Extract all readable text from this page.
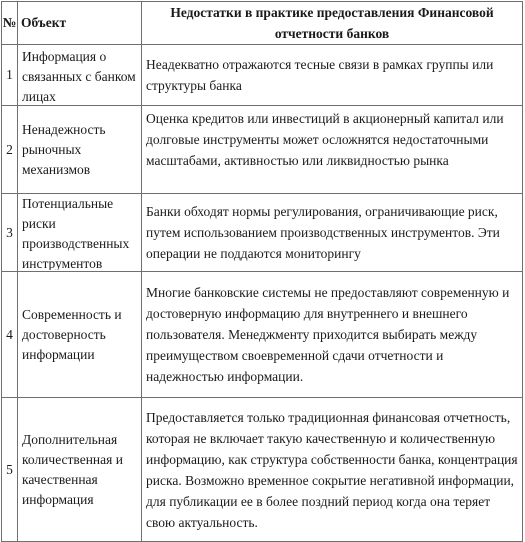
№	Объект	Недостатки в практике предоставления Финансовой отчетности банков
1	Информация о связанных с банком лицах	Неадекватно отражаются тесные связи в рамках группы или структуры банка
2	Ненадежность рыночных механизмов	Оценка кредитов или инвестиций в акционерный капитал или долговые инструменты может осложнятся недостаточными масштабами, активностью или ликвидностью рынка
3	Потенциальные риски производственных инструментов	Банки обходят нормы регулирования, ограничивающие риск, путем использованием производственных инструментов. Эти операции не поддаются мониторингу
4	Современность и достоверность информации	Многие банковские системы не предоставляют современную и достоверную информацию для внутреннего и внешнего пользователя. Менеджменту приходится выбирать между преимуществом своевременной сдачи отчетности и надежностью информации.
5	Дополнительная количественная и качественная информация	Предоставляется только традиционная финансовая отчетность, которая не включает такую качественную и количественную информацию, как структура собственности банка, концентрация риска. Возможно временное сокрытие негативной информации, для публикации ее в более поздний период когда она теряет свою актуальность.
